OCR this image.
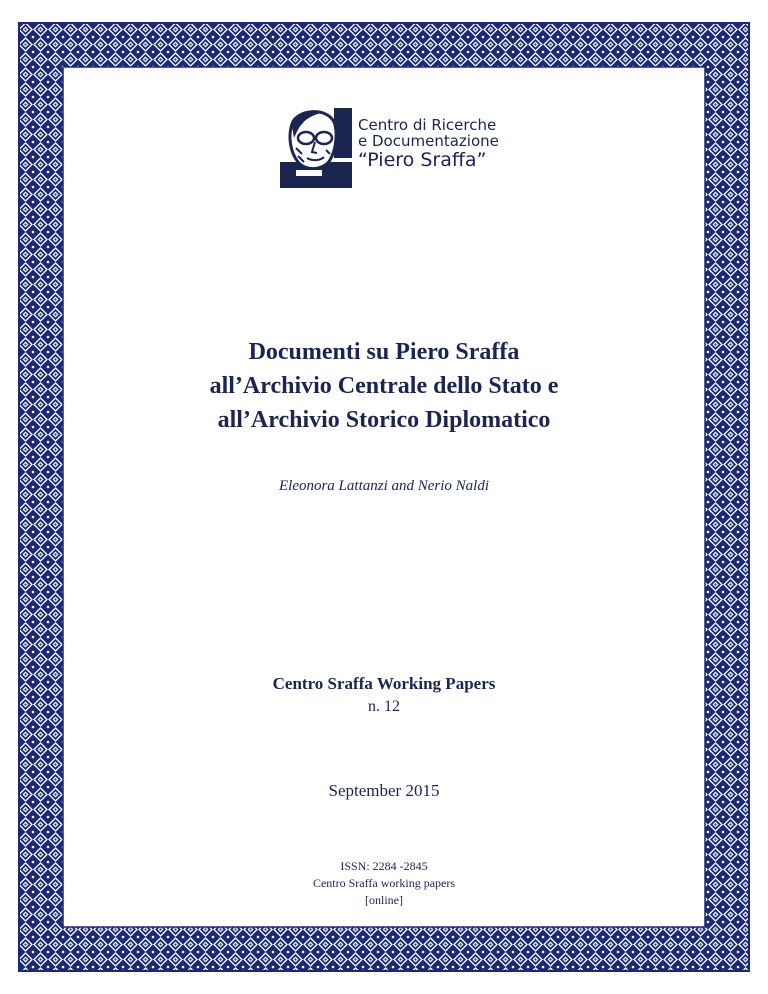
Centro di Ricerche
e Documentazione
“Piero Sraffa”
Documenti su Piero Sraffa
all’Archivio Centrale dello Stato e
all’Archivio Storico Diplomatico
Eleonora Lattanzi and Nerio Naldi
Centro Sraffa Working Papers
n. 12
September 2015
ISSN: 2284 -2845
Centro Sraffa working papers
[online]
